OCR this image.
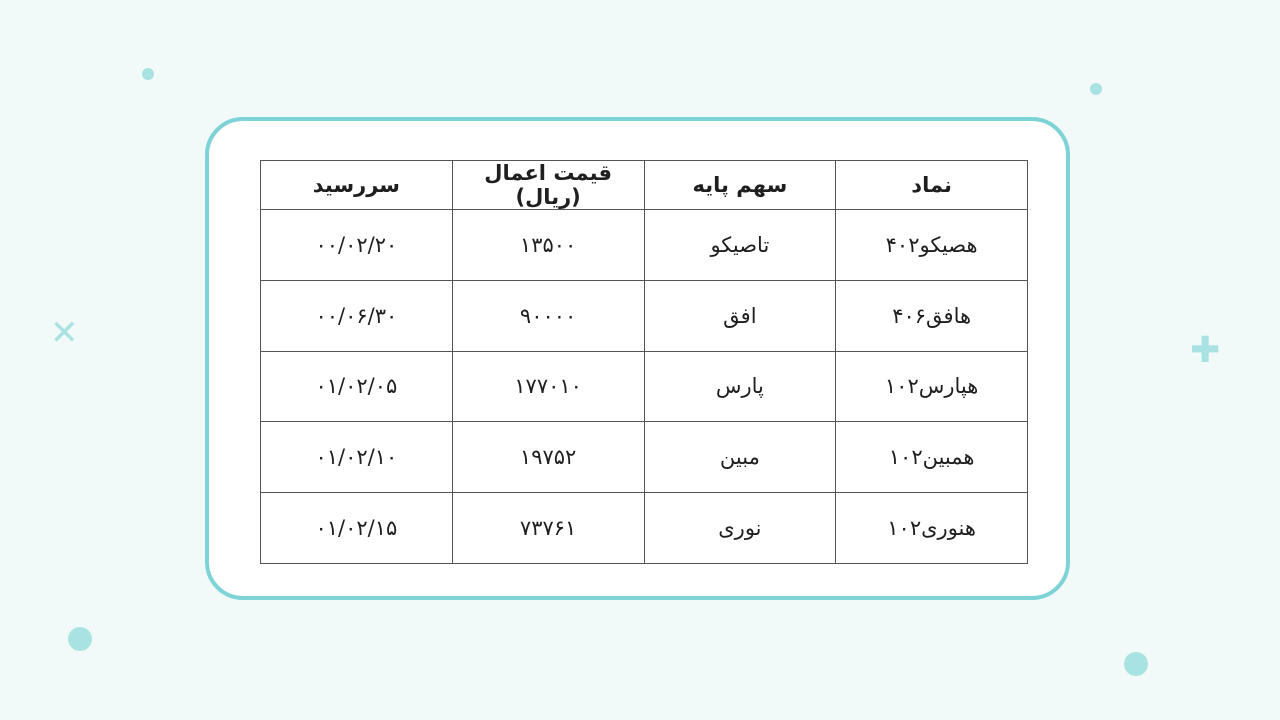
✕	✚
نماد	سهم پایه	قیمت اعمال (ریال)	سررسید
هصیکو۴۰۲	تاصیکو	۱۳۵۰۰	۰۰/۰۲/۲۰
هافق۴۰۶	افق	۹۰۰۰۰	۰۰/۰۶/۳۰
هپارس۱۰۲	پارس	۱۷۷۰۱۰	۰۱/۰۲/۰۵
همبین۱۰۲	مبین	۱۹۷۵۲	۰۱/۰۲/۱۰
هنوری۱۰۲	نوری	۷۳۷۶۱	۰۱/۰۲/۱۵
